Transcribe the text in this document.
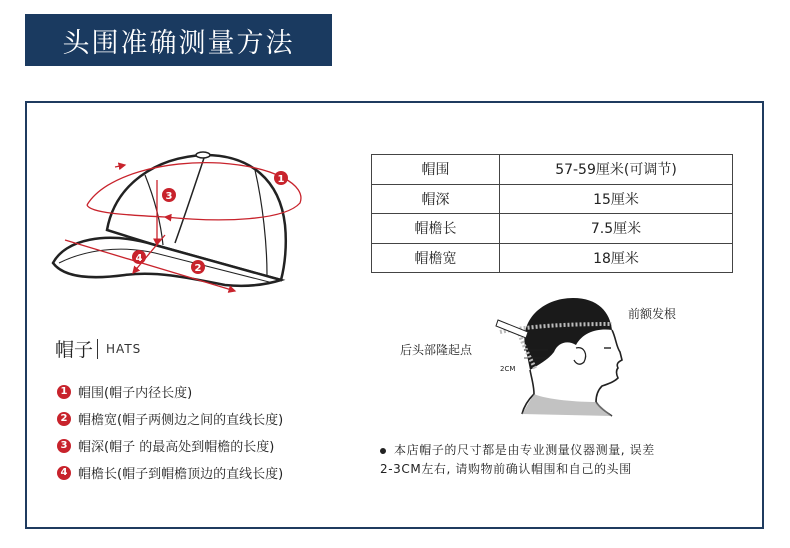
头围准确测量方法
1
3
4
2
帽围	57-59厘米(可调节)
帽深	15厘米
帽檐长	7.5厘米
帽檐宽	18厘米
帽子 HATS
1 帽围(帽子内径长度)
2 帽檐宽(帽子两侧边之间的直线长度)
3 帽深(帽子 的最高处到帽檐的长度)
4 帽檐长(帽子到帽檐顶边的直线长度)
2CM
前额发根
后头部隆起点
本店帽子的尺寸都是由专业测量仪器测量, 误差
2-3CM左右, 请购物前确认帽围和自己的头围
